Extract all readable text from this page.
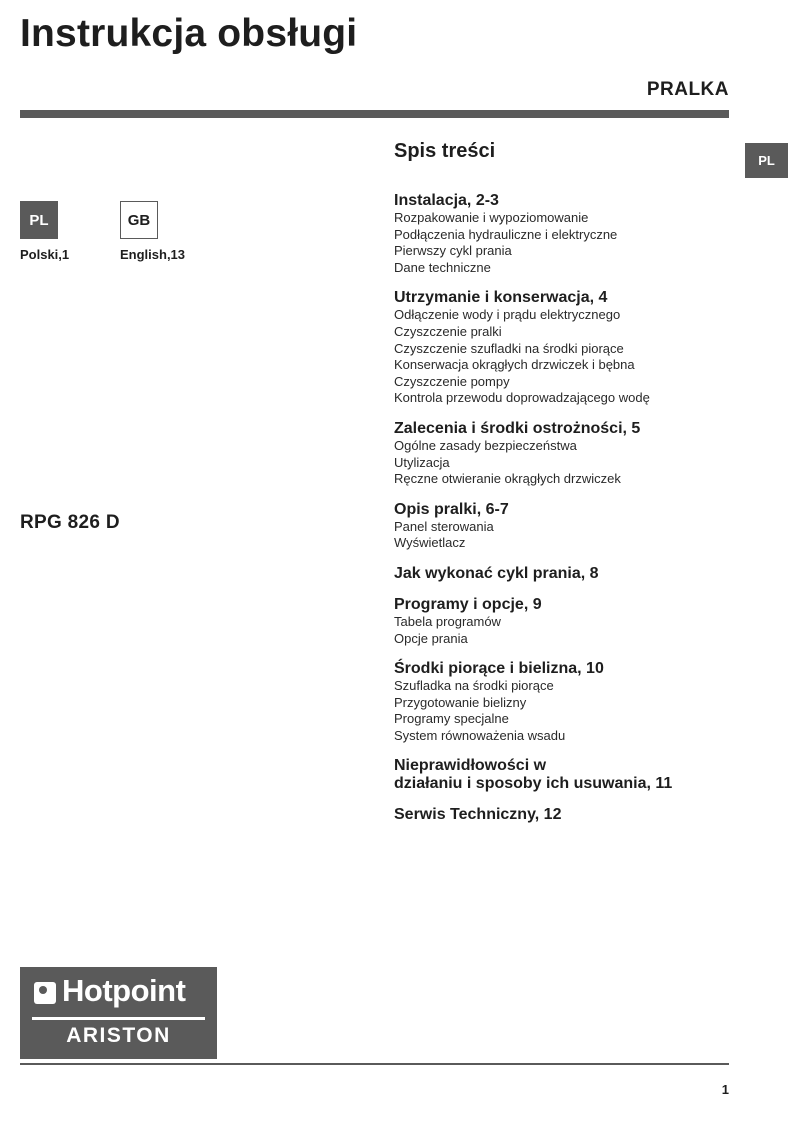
Instrukcja obsługi
PRALKA
PL
PL
Polski,1
GB
English,13
RPG 826 D
Spis treści
Instalacja, 2-3
Rozpakowanie i wypoziomowanie
Podłączenia hydrauliczne i elektryczne
Pierwszy cykl prania
Dane techniczne
Utrzymanie i konserwacja, 4
Odłączenie wody i prądu elektrycznego
Czyszczenie pralki
Czyszczenie szufladki na środki piorące
Konserwacja okrągłych drzwiczek i bębna
Czyszczenie pompy
Kontrola przewodu doprowadzającego wodę
Zalecenia i środki ostrożności, 5
Ogólne zasady bezpieczeństwa
Utylizacja
Ręczne otwieranie okrągłych drzwiczek
Opis pralki, 6-7
Panel sterowania
Wyświetlacz
Jak wykonać cykl prania, 8
Programy i opcje, 9
Tabela programów
Opcje prania
Środki piorące i bielizna, 10
Szufladka na środki piorące
Przygotowanie bielizny
Programy specjalne
System równoważenia wsadu
Nieprawidłowości w
działaniu i sposoby ich usuwania, 11
Serwis Techniczny, 12
Hotpoint
ARISTON
1
